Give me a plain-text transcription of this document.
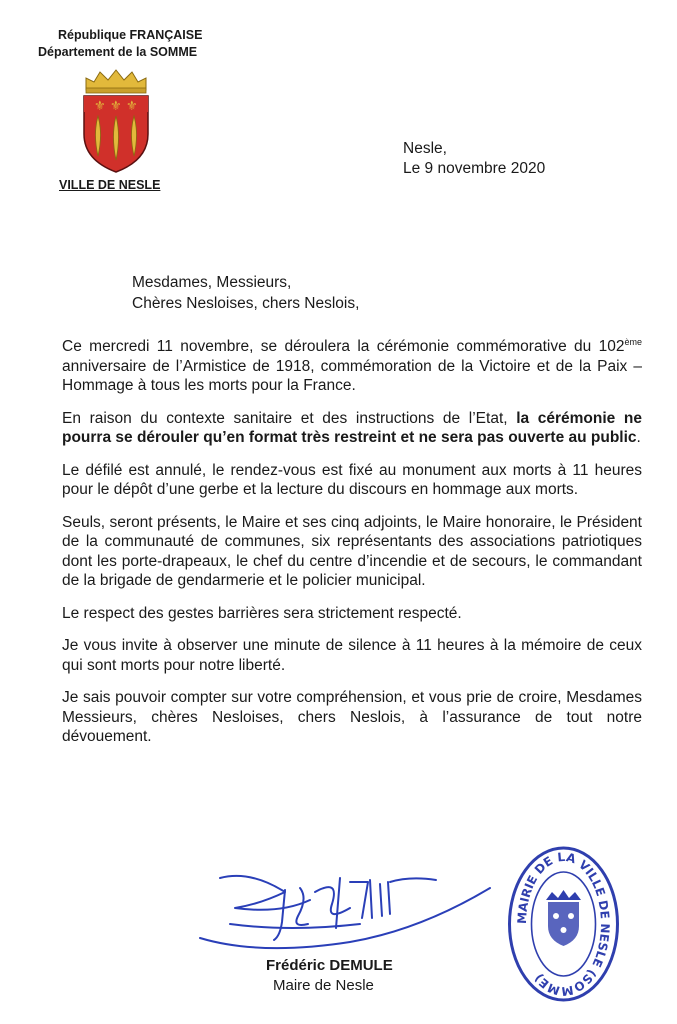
République FRANÇAISE
Département de la SOMME
⚜ ⚜ ⚜
VILLE DE NESLE
Nesle,
Le 9 novembre 2020
Mesdames, Messieurs,
Chères Nesloises, chers Neslois,

Ce mercredi 11 novembre, se déroulera la cérémonie commémorative du 102ème anniversaire de l’Armistice de 1918, commémoration de la Victoire et de la Paix – Hommage à tous les morts pour la France.

En raison du contexte sanitaire et des instructions de l’Etat, la cérémonie ne pourra se dérouler qu’en format très restreint et ne sera pas ouverte au public.

Le défilé est annulé, le rendez-vous est fixé au monument aux morts à 11 heures pour le dépôt d’une gerbe et la lecture du discours en hommage aux morts.

Seuls, seront présents, le Maire et ses cinq adjoints, le Maire honoraire, le Président de la communauté de communes, six représentants des associations patriotiques dont les porte-drapeaux, le chef du centre d’incendie et de secours, le commandant de la brigade de gendarmerie et le policier municipal.

Le respect des gestes barrières sera strictement respecté.

Je vous invite à observer une minute de silence à 11 heures à la mémoire de ceux qui sont morts pour notre liberté.

Je sais pouvoir compter sur votre compréhension, et vous prie de croire, Mesdames Messieurs, chères Nesloises, chers Neslois, à l’assurance de tout notre dévouement.

Frédéric DEMULE
Maire de Nesle
MAIRIE DE LA VILLE DE NESLE (SOMME)
